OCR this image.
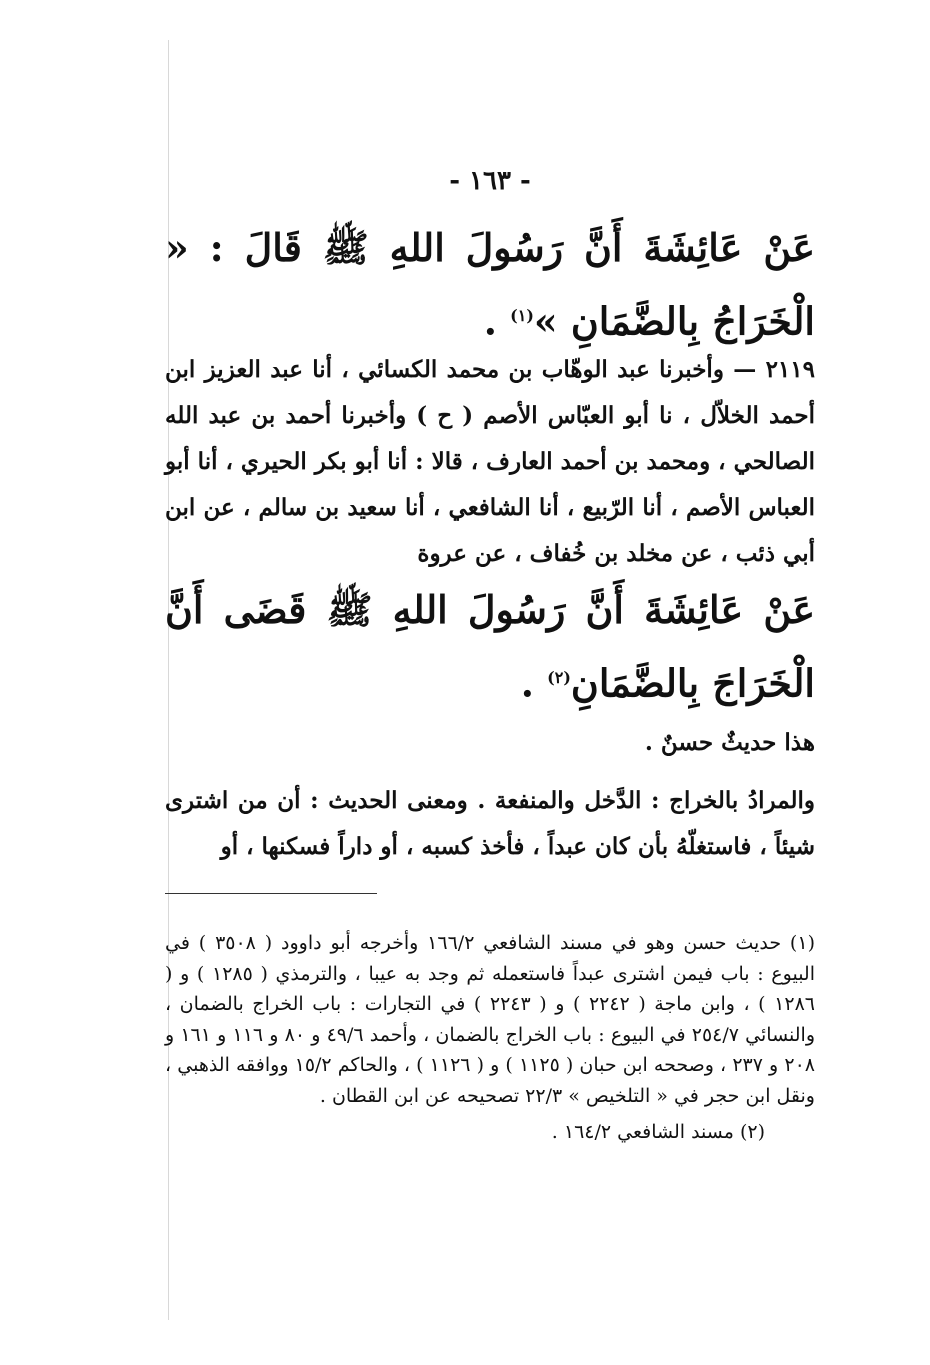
- ١٦٣ -
عَنْ عَائِشَةَ أَنَّ رَسُولَ اللهِ ﷺ قَالَ : « الْخَرَاجُ بِالضَّمَانِ »$^{(١)}$ .
٢١١٩ — وأخبرنا عبد الوهّاب بن محمد الكسائي ، أنا عبد العزيز ابن أحمد الخلاّل ، نا أبو العبّاس الأصم ( ح ) وأخبرنا أحمد بن عبد الله الصالحي ، ومحمد بن أحمد العارف ، قالا : أنا أبو بكر الحيري ، أنا أبو العباس الأصم ، أنا الرّبيع ، أنا الشافعي ، أنا سعيد بن سالم ، عن ابن أبي ذئب ، عن مخلد بن خُفاف ، عن عروة
عَنْ عَائِشَةَ أَنَّ رَسُولَ اللهِ ﷺ قَضَى أَنَّ الْخَرَاجَ بِالضَّمَانِ$^{(٢)}$ .
هذا حديثٌ حسنٌ .
والمرادُ بالخراج : الدَّخل والمنفعة . ومعنى الحديث : أن من اشترى شيئاً ، فاستغلّهُ بأن كان عبداً ، فأخذ كسبه ، أو داراً فسكنها ، أو

(١) حديث حسن وهو في مسند الشافعي ١٦٦/٢ وأخرجه أبو داوود ( ٣٥٠٨ ) في البيوع : باب فيمن اشترى عبداً فاستعمله ثم وجد به عيبا ، والترمذي ( ١٢٨٥ ) و ( ١٢٨٦ ) ، وابن ماجة ( ٢٢٤٢ ) و ( ٢٢٤٣ ) في التجارات : باب الخراج بالضمان ، والنسائي ٢٥٤/٧ في البيوع : باب الخراج بالضمان ، وأحمد ٤٩/٦ و ٨٠ و ١١٦ و ١٦١ و ٢٠٨ و ٢٣٧ ، وصححه ابن حبان ( ١١٢٥ ) و ( ١١٢٦ ) ، والحاكم ١٥/٢ ووافقه الذهبي ، ونقل ابن حجر في « التلخيص » ٢٢/٣ تصحيحه عن ابن القطان .

(٢) مسند الشافعي ١٦٤/٢ .
